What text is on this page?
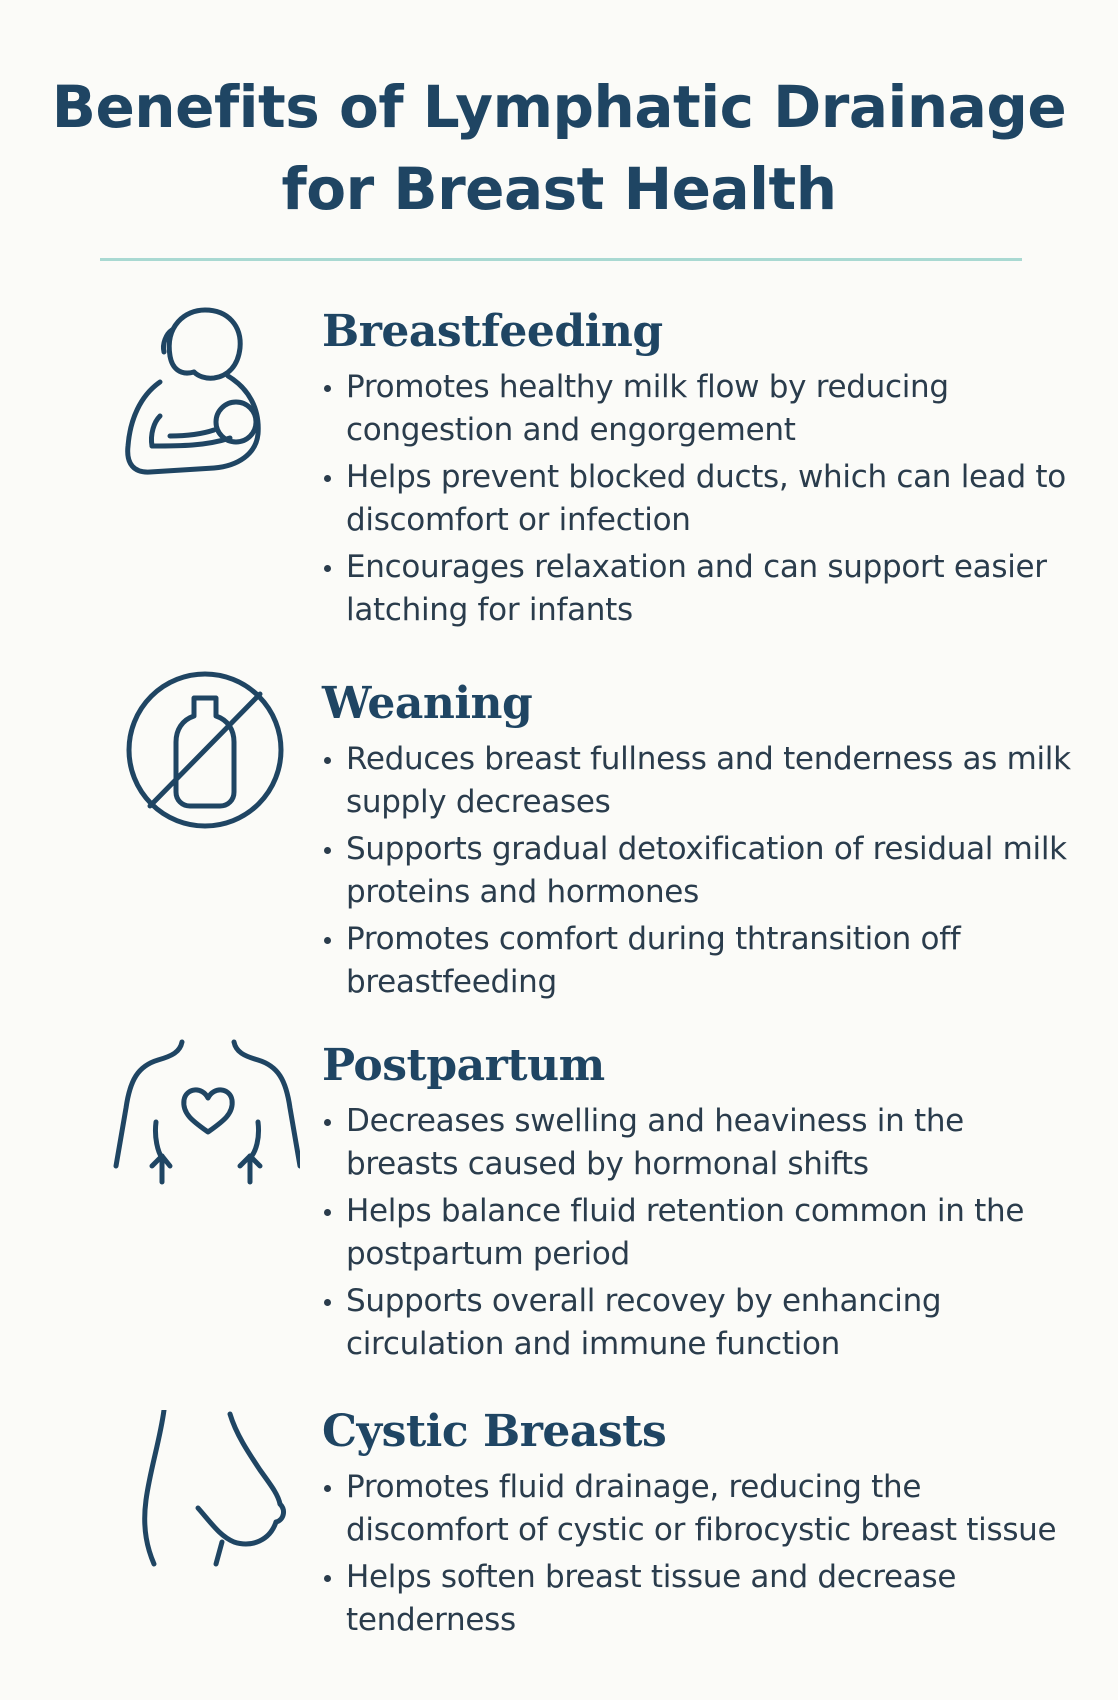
Benefits of Lymphatic Drainage
for Breast Health
Breastfeeding
Promotes healthy milk flow by reducing congestion and engorgement
Helps prevent blocked ducts, which can lead to discomfort or infection
Encourages relaxation and can support easier latching for infants
Weaning
Reduces breast fullness and tenderness as milk supply decreases
Supports gradual detoxification of residual milk proteins and hormones
Promotes comfort during thtransition off breastfeeding
Postpartum
Decreases swelling and heaviness in the breasts caused by hormonal shifts
Helps balance fluid retention common in the postpartum period
Supports overall recovey by enhancing circulation and immune function
Cystic Breasts
Promotes fluid drainage, reducing the discomfort of cystic or fibrocystic breast tissue
Helps soften breast tissue and decrease tenderness
